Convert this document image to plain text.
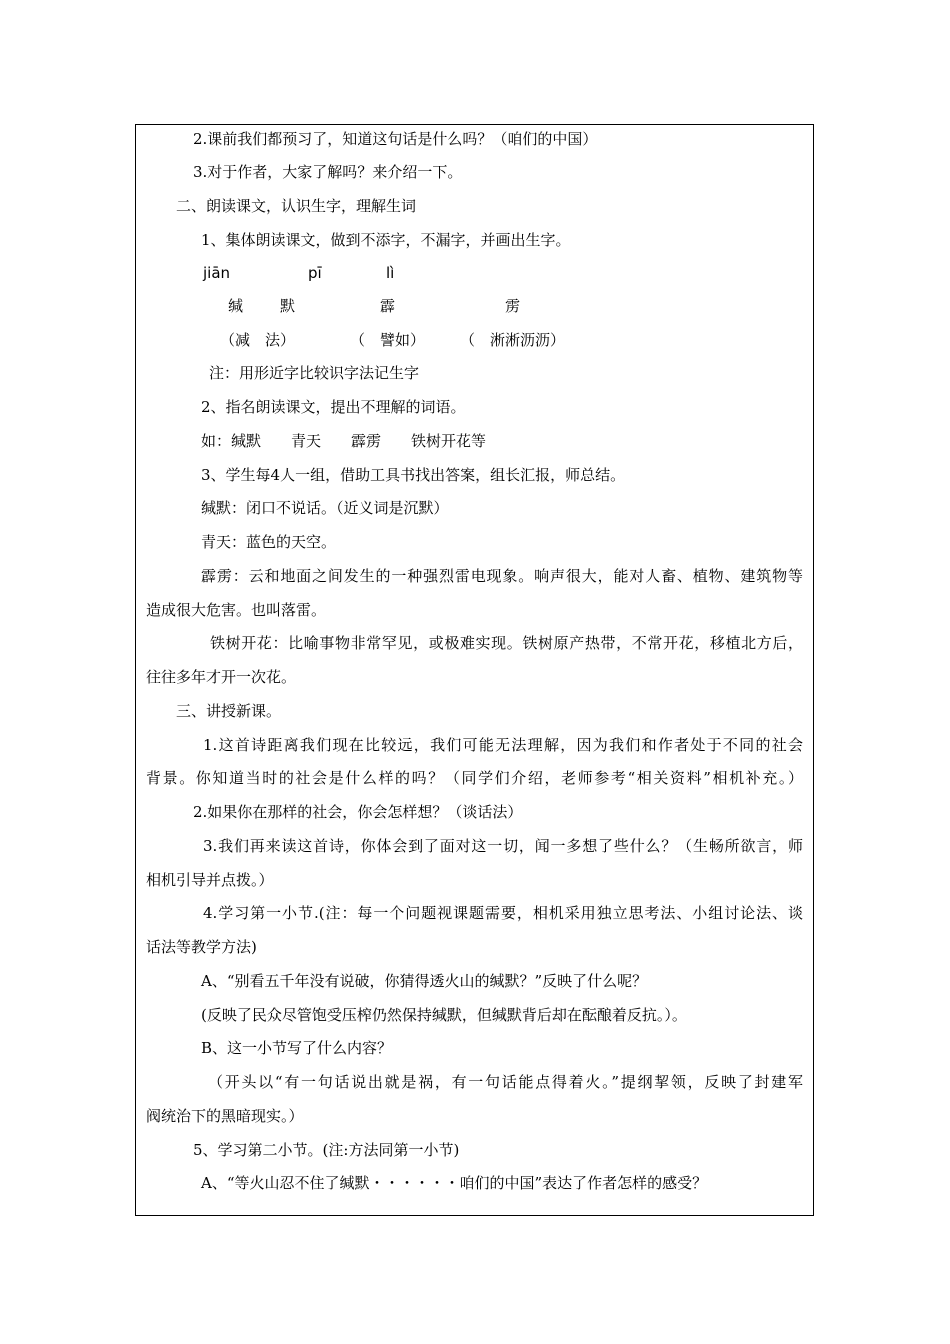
2.课前我们都预习了，知道这句话是什么吗？（咱们的中国）
3.对于作者，大家了解吗？来介绍一下。
二、朗读课文，认识生字，理解生词
1、集体朗读课文，做到不添字，不漏字，并画出生字。
jiān	pī	lì
缄 默	霹	雳
（减　法）	（　譬如） （　淅淅沥沥）
注：用形近字比较识字法记生字
2、指名朗读课文，提出不理解的词语。
如：缄默　　青天　　霹雳　　铁树开花等
3、学生每4人一组，借助工具书找出答案，组长汇报，师总结。
缄默：闭口不说话。（近义词是沉默）
青天：蓝色的天空。
霹雳：云和地面之间发生的一种强烈雷电现象。响声很大，能对人畜、植物、建筑物等
造成很大危害。也叫落雷。
铁树开花：比喻事物非常罕见，或极难实现。铁树原产热带，不常开花，移植北方后，
往往多年才开一次花。
三、讲授新课。
1.这首诗距离我们现在比较远，我们可能无法理解，因为我们和作者处于不同的社会
背景。你知道当时的社会是什么样的吗？（同学们介绍，老师参考“相关资料”相机补充。）
2.如果你在那样的社会，你会怎样想？（谈话法）
3.我们再来读这首诗，你体会到了面对这一切，闻一多想了些什么？（生畅所欲言，师
相机引导并点拨。）
4.学习第一小节.(注：每一个问题视课题需要，相机采用独立思考法、小组讨论法、谈
话法等教学方法)
A、“别看五千年没有说破，你猜得透火山的缄默？”反映了什么呢？
(反映了民众尽管饱受压榨仍然保持缄默，但缄默背后却在酝酿着反抗。）。
B、这一小节写了什么内容？
（开头以“有一句话说出就是祸，有一句话能点得着火。”提纲挈领，反映了封建军
阀统治下的黑暗现实。）
5、学习第二小节。(注:方法同第一小节)
A、“等火山忍不住了缄默・・・・・・咱们的中国”表达了作者怎样的感受？
